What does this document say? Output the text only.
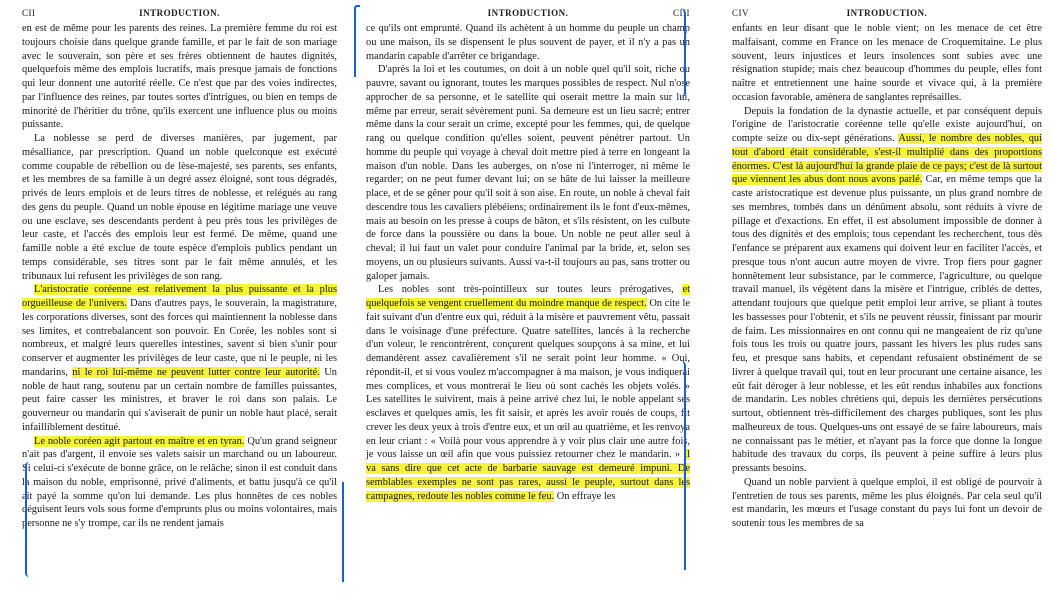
CII	INTRODUCTION.

en est de même pour les parents des reines. La première femme du roi est toujours choisie dans quelque grande famille, et par le fait de son mariage avec le souverain, son père et ses frères obtiennent de hautes dignités, quelquefois même des emplois lucratifs, mais presque jamais de fonctions qui leur donnent une autorité réelle. Ce n'est que par des voies indirectes, par l'influence des reines, par toutes sortes d'intrigues, ou bien en temps de minorité de l'héritier du trône, qu'ils exercent une influence plus ou moins puissante.

La noblesse se perd de diverses manières, par jugement, par mésalliance, par prescription. Quand un noble quelconque est exécuté comme coupable de rébellion ou de lèse-majesté, ses parents, ses enfants, et les membres de sa famille à un degré assez éloigné, sont tous dégradés, privés de leurs emplois et de leurs titres de noblesse, et relégués au rang des gens du peuple. Quand un noble épouse en légitime mariage une veuve ou une esclave, ses descendants perdent à peu près tous les privilèges de leur caste, et l'accès des emplois leur est fermé. De même, quand une famille noble a été exclue de toute espèce d'emplois publics pendant un temps considérable, ses titres sont par le fait même annulés, et les tribunaux lui refusent les privilèges de son rang.

L'aristocratie coréenne est relativement la plus puissante et la plus orgueilleuse de l'univers. Dans d'autres pays, le souverain, la magistrature, les corporations diverses, sont des forces qui maintiennent la noblesse dans ses limites, et contrebalancent son pouvoir. En Corée, les nobles sont si nombreux, et malgré leurs querelles intestines, savent si bien s'unir pour conserver et augmenter les privilèges de leur caste, que ni le peuple, ni les mandarins, ni le roi lui-même ne peuvent lutter contre leur autorité. Un noble de haut rang, soutenu par un certain nombre de familles puissantes, peut faire casser les ministres, et braver le roi dans son palais. Le gouverneur ou mandarin qui s'aviserait de punir un noble haut placé, serait infailliblement destitué.

Le noble coréen agit partout en maître et en tyran. Qu'un grand seigneur n'ait pas d'argent, il envoie ses valets saisir un marchand ou un laboureur. Si celui-ci s'exécute de bonne grâce, on le relâche; sinon il est conduit dans la maison du noble, emprisonné, privé d'aliments, et battu jusqu'à ce qu'il ait payé la somme qu'on lui demande. Les plus honnêtes de ces nobles déguisent leurs vols sous forme d'emprunts plus ou moins volontaires, mais personne ne s'y trompe, car ils ne rendent jamais

INTRODUCTION.	CIII

ce qu'ils ont emprunté. Quand ils achètent à un homme du peuple un champ ou une maison, ils se dispensent le plus souvent de payer, et il n'y a pas un mandarin capable d'arrêter ce brigandage.

D'après la loi et les coutumes, on doit à un noble quel qu'il soit, riche ou pauvre, savant ou ignorant, toutes les marques possibles de respect. Nul n'ose approcher de sa personne, et le satellite qui oserait mettre la main sur lui, même par erreur, serait sévèrement puni. Sa demeure est un lieu sacré; entrer même dans la cour serait un crime, excepté pour les femmes, qui, de quelque rang ou quelque condition qu'elles soient, peuvent pénétrer partout. Un homme du peuple qui voyage à cheval doit mettre pied à terre en longeant la maison d'un noble. Dans les auberges, on n'ose ni l'interroger, ni même le regarder; on ne peut fumer devant lui; on se hâte de lui laisser la meilleure place, et de se gêner pour qu'il soit à son aise. En route, un noble à cheval fait descendre tous les cavaliers plébéiens; ordinairement ils le font d'eux-mêmes, mais au besoin on les presse à coups de bâton, et s'ils résistent, on les culbute de force dans la poussière ou dans la boue. Un noble ne peut aller seul à cheval; il lui faut un valet pour conduire l'animal par la bride, et, selon ses moyens, un ou plusieurs suivants. Aussi va-t-il toujours au pas, sans trotter ou galoper jamais.

Les nobles sont très-pointilleux sur toutes leurs prérogatives, et quelquefois se vengent cruellement du moindre manque de respect. On cite le fait suivant d'un d'entre eux qui, réduit à la misère et pauvrement vêtu, passait dans le voisinage d'une préfecture. Quatre satellites, lancés à la recherche d'un voleur, le rencontrèrent, conçurent quelques soupçons à sa mine, et lui demandèrent assez cavalièrement s'il ne serait point leur homme. « Oui, répondit-il, et si vous voulez m'accompagner à ma maison, je vous indiquerai mes complices, et vous montrerai le lieu où sont cachés les objets volés. » Les satellites le suivirent, mais à peine arrivé chez lui, le noble appelant ses esclaves et quelques amis, les fit saisir, et après les avoir roués de coups, fit crever les deux yeux à trois d'entre eux, et un œil au quatrième, et les renvoya en leur criant : « Voilà pour vous apprendre à y voir plus clair une autre fois, je vous laisse un œil afin que vous puissiez retourner chez le mandarin. » Il va sans dire que cet acte de barbarie sauvage est demeuré impuni. De semblables exemples ne sont pas rares, aussi le peuple, surtout dans les campagnes, redoute les nobles comme le feu. On effraye les

CIV	INTRODUCTION.

enfants en leur disant que le noble vient; on les menace de cet être malfaisant, comme en France on les menace de Croquemitaine. Le plus souvent, leurs injustices et leurs insolences sont subies avec une résignation stupide; mais chez beaucoup d'hommes du peuple, elles font naître et entretiennent une haine sourde et vivace qui, à la première occasion favorable, amènera de sanglantes représailles.

Depuis la fondation de la dynastie actuelle, et par conséquent depuis l'origine de l'aristocratie coréenne telle qu'elle existe aujourd'hui, on compte seize ou dix-sept générations. Aussi, le nombre des nobles, qui tout d'abord était considérable, s'est-il multiplié dans des proportions énormes. C'est là aujourd'hui la grande plaie de ce pays; c'est de là surtout que viennent les abus dont nous avons parlé. Car, en même temps que la caste aristocratique est devenue plus puissante, un plus grand nombre de ses membres, tombés dans un dénûment absolu, sont réduits à vivre de pillage et d'exactions. En effet, il est absolument impossible de donner à tous des dignités et des emplois; tous cependant les recherchent, tous dès l'enfance se préparent aux examens qui doivent leur en faciliter l'accès, et presque tous n'ont aucun autre moyen de vivre. Trop fiers pour gagner honnêtement leur subsistance, par le commerce, l'agriculture, ou quelque travail manuel, ils végètent dans la misère et l'intrigue, criblés de dettes, attendant toujours que quelque petit emploi leur arrive, se pliant à toutes les bassesses pour l'obtenir, et s'ils ne peuvent réussir, finissant par mourir de faim. Les missionnaires en ont connu qui ne mangeaient de riz qu'une fois tous les trois ou quatre jours, passant les hivers les plus rudes sans feu, et presque sans habits, et cependant refusaient obstinément de se livrer à quelque travail qui, tout en leur procurant une certaine aisance, les eût fait déroger à leur noblesse, et les eût rendus inhabiles aux fonctions de mandarin. Les nobles chrétiens qui, depuis les dernières persécutions surtout, obtiennent très-difficilement des charges publiques, sont les plus malheureux de tous. Quelques-uns ont essayé de se faire laboureurs, mais ne connaissant pas le métier, et n'ayant pas la force que donne la longue habitude des travaux du corps, ils peuvent à peine suffire à leurs plus pressants besoins.

Quand un noble parvient à quelque emploi, il est obligé de pourvoir à l'entretien de tous ses parents, même les plus éloignés. Par cela seul qu'il est mandarin, les mœurs et l'usage constant du pays lui font un devoir de soutenir tous les membres de sa
